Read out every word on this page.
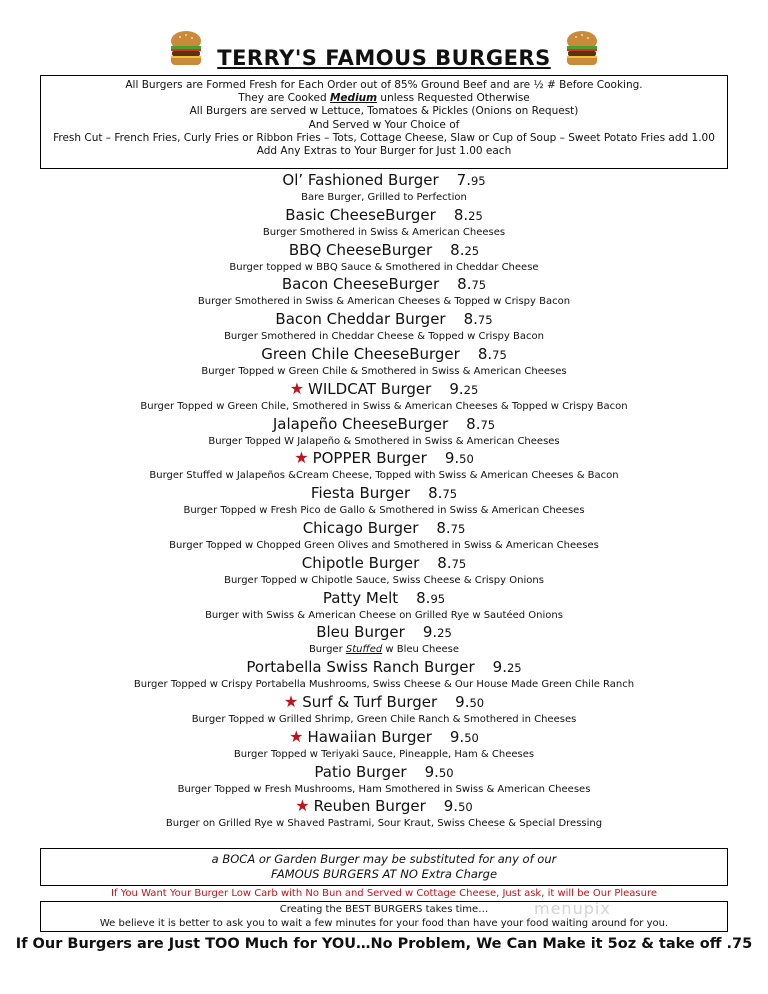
TERRY'S FAMOUS BURGERS
All Burgers are Formed Fresh for Each Order out of 85% Ground Beef and are ½ # Before Cooking.
They are Cooked Medium unless Requested Otherwise
All Burgers are served w Lettuce, Tomatoes & Pickles (Onions on Request)
And Served w Your Choice of
Fresh Cut – French Fries, Curly Fries or Ribbon Fries – Tots, Cottage Cheese, Slaw or Cup of Soup – Sweet Potato Fries add 1.00
Add Any Extras to Your Burger for Just 1.00 each
Ol’ Fashioned Burger 7.95
Bare Burger, Grilled to Perfection
Basic CheeseBurger 8.25
Burger Smothered in Swiss & American Cheeses
BBQ CheeseBurger 8.25
Burger topped w BBQ Sauce & Smothered in Cheddar Cheese
Bacon CheeseBurger 8.75
Burger Smothered in Swiss & American Cheeses & Topped w Crispy Bacon
Bacon Cheddar Burger 8.75
Burger Smothered in Cheddar Cheese & Topped w Crispy Bacon
Green Chile CheeseBurger 8.75
Burger Topped w Green Chile & Smothered in Swiss & American Cheeses
★ WILDCAT Burger 9.25
Burger Topped w Green Chile, Smothered in Swiss & American Cheeses & Topped w Crispy Bacon
Jalapeño CheeseBurger 8.75
Burger Topped W Jalapeño & Smothered in Swiss & American Cheeses
★ POPPER Burger 9.50
Burger Stuffed w Jalapeños &Cream Cheese, Topped with Swiss & American Cheeses & Bacon
Fiesta Burger 8.75
Burger Topped w Fresh Pico de Gallo & Smothered in Swiss & American Cheeses
Chicago Burger 8.75
Burger Topped w Chopped Green Olives and Smothered in Swiss & American Cheeses
Chipotle Burger 8.75
Burger Topped w Chipotle Sauce, Swiss Cheese & Crispy Onions
Patty Melt 8.95
Burger with Swiss & American Cheese on Grilled Rye w Sautéed Onions
Bleu Burger 9.25
Burger Stuffed w Bleu Cheese
Portabella Swiss Ranch Burger 9.25
Burger Topped w Crispy Portabella Mushrooms, Swiss Cheese & Our House Made Green Chile Ranch
★ Surf & Turf Burger 9.50
Burger Topped w Grilled Shrimp, Green Chile Ranch & Smothered in Cheeses
★ Hawaiian Burger 9.50
Burger Topped w Teriyaki Sauce, Pineapple, Ham & Cheeses
Patio Burger 9.50
Burger Topped w Fresh Mushrooms, Ham Smothered in Swiss & American Cheeses
★ Reuben Burger 9.50
Burger on Grilled Rye w Shaved Pastrami, Sour Kraut, Swiss Cheese & Special Dressing
a BOCA or Garden Burger may be substituted for any of our
FAMOUS BURGERS AT NO Extra Charge
If You Want Your Burger Low Carb with No Bun and Served w Cottage Cheese, Just ask, it will be Our Pleasure
Creating the BEST BURGERS takes time…
We believe it is better to ask you to wait a few minutes for your food than have your food waiting around for you.
menupix
If Our Burgers are Just TOO Much for YOU…No Problem, We Can Make it 5oz & take off .75
